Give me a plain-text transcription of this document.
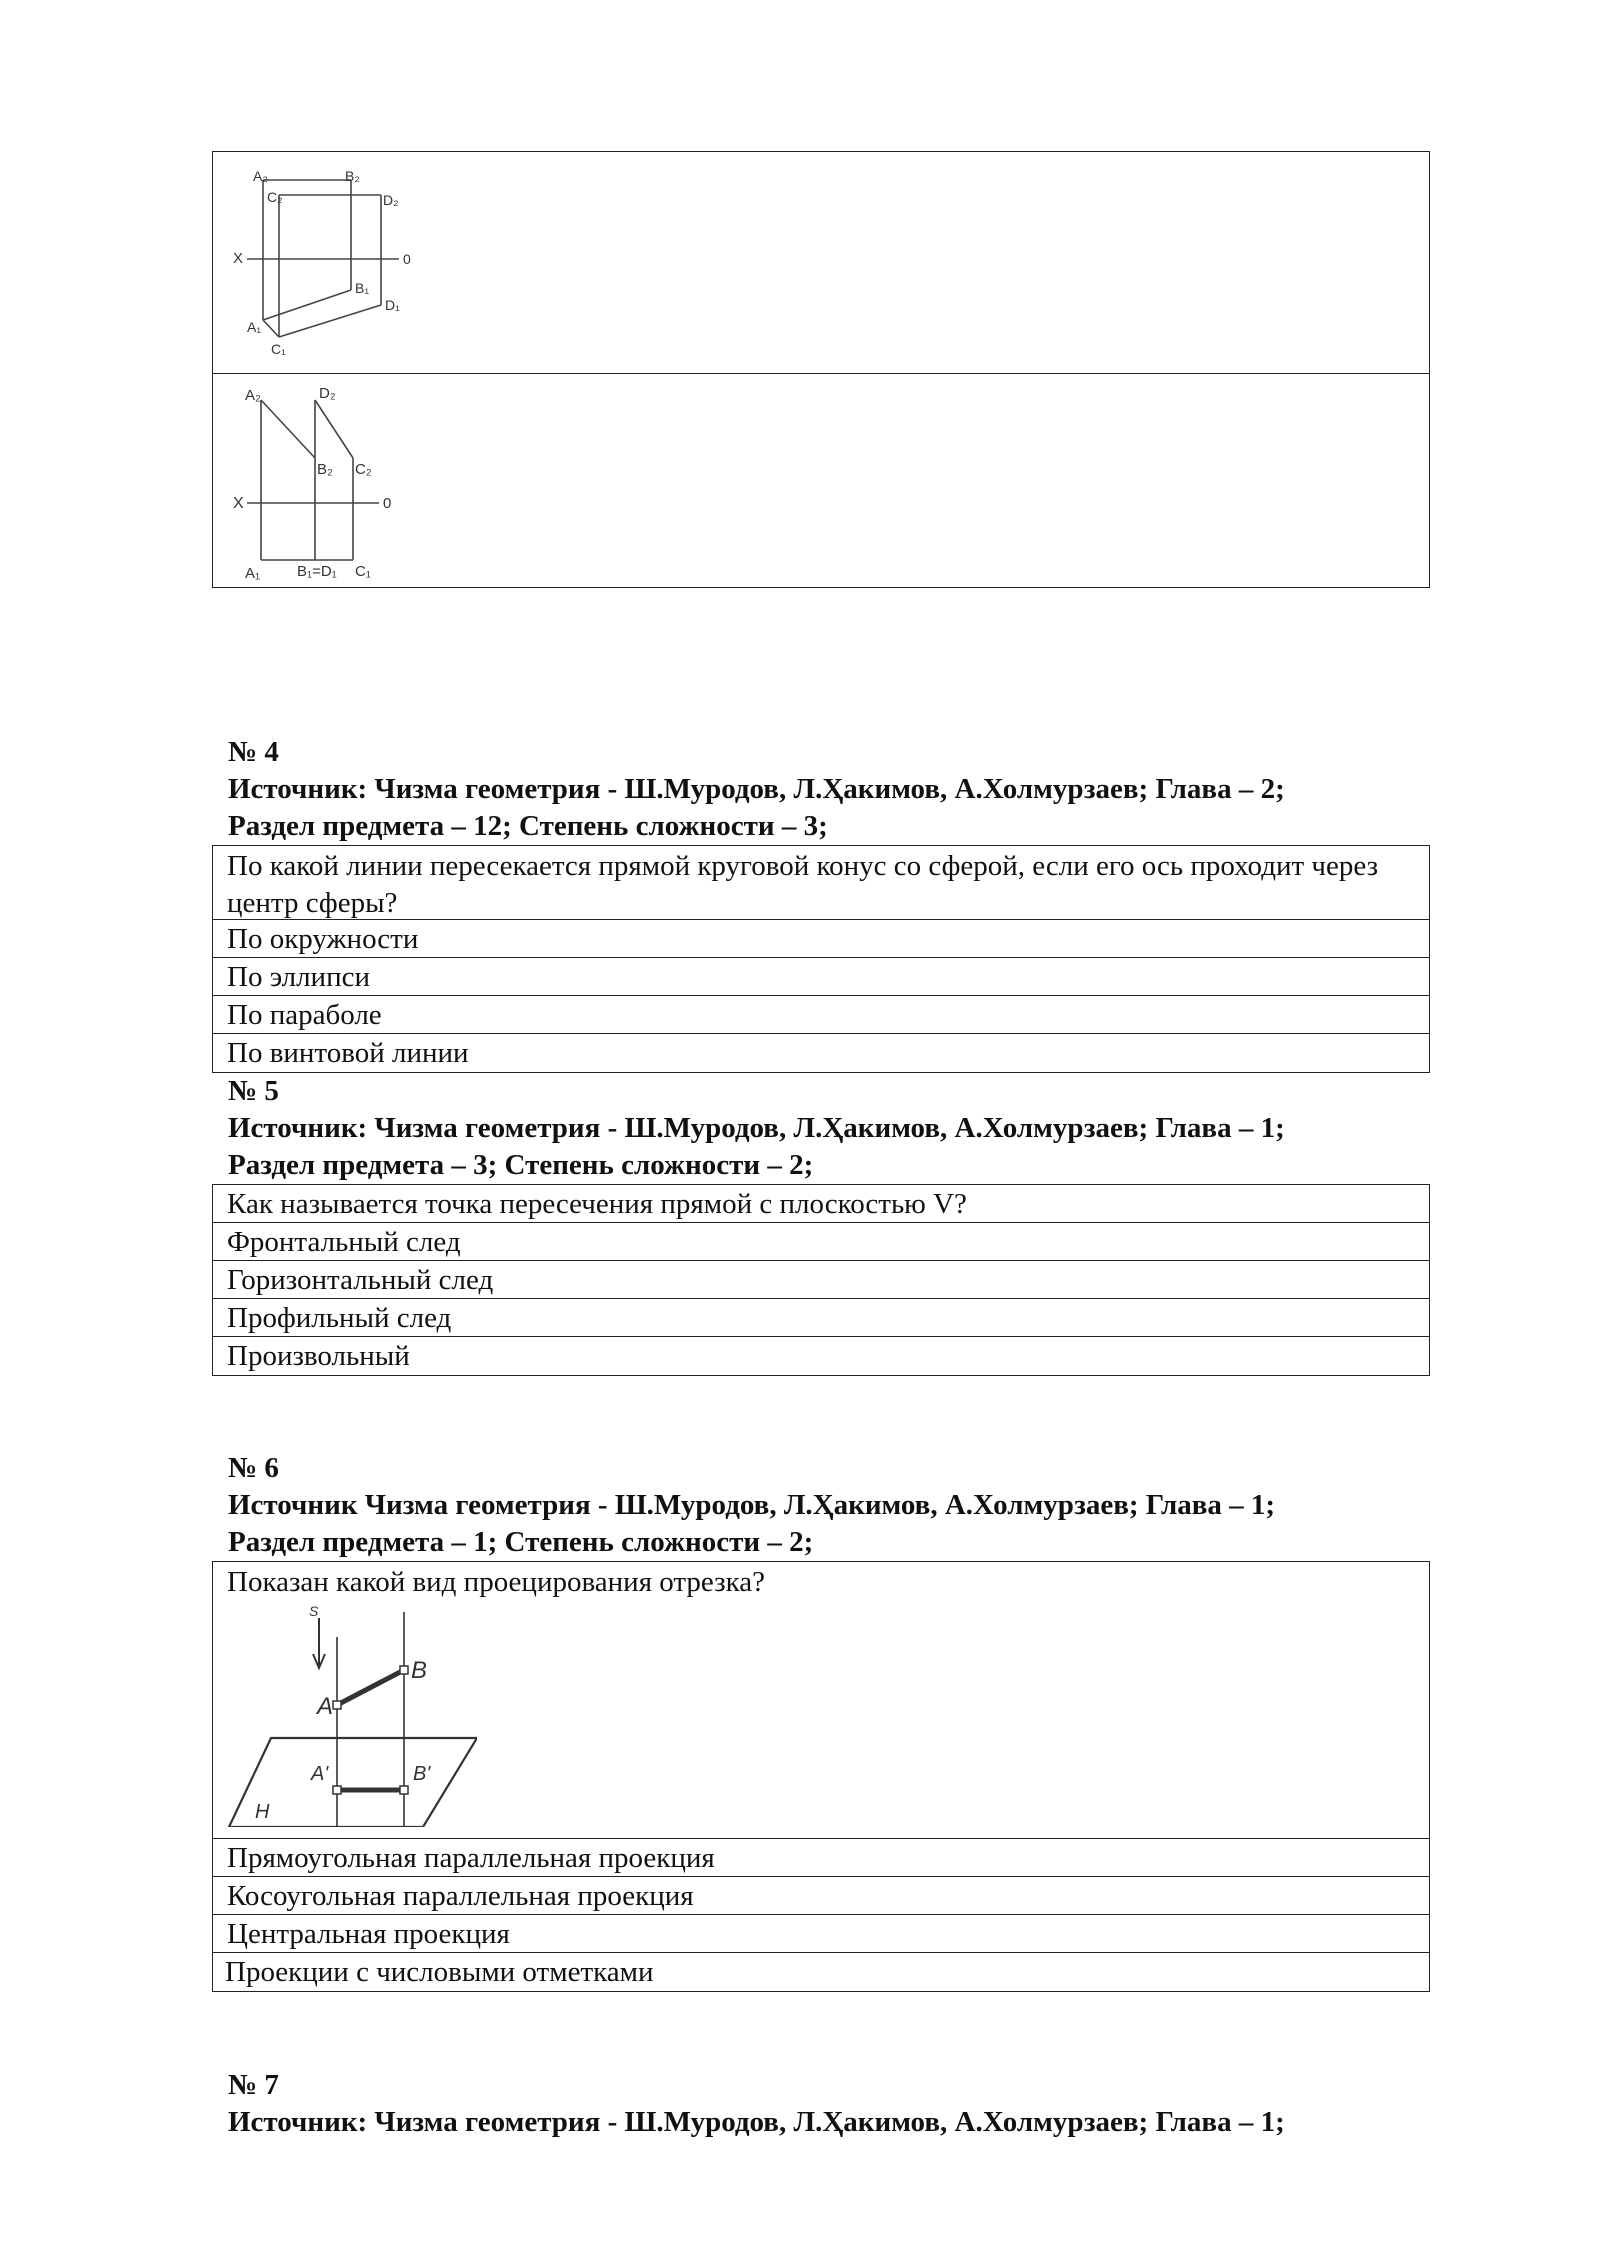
A₂	B₂
C₂	D₂
X	0
B₁
D₁
A₁
C₁
A₂	D₂
B₂ C₂
X	0
A₁ B₁=D₁ C₁
№ 4
Источник: Чизма геометрия - Ш.Муродов, Л.Ҳакимов, А.Холмурзаев; Глава – 2;
Раздел предмета – 12; Степень сложности – 3;
По какой линии пересекается прямой круговой конус со сферой, если его ось проходит через центр сферы?
По окружности
По эллипси
По параболе
По винтовой линии
№ 5
Источник: Чизма геометрия - Ш.Муродов, Л.Ҳакимов, А.Холмурзаев; Глава – 1;
Раздел предмета – 3; Степень сложности – 2;
Как называется точка пересечения прямой с плоскостью V?
Фронтальный след
Горизонтальный след
Профильный след
Произвольный
№ 6
Источник Чизма геометрия - Ш.Муродов, Л.Ҳакимов, А.Холмурзаев; Глава – 1;
Раздел предмета – 1; Степень сложности – 2;
Показан какой вид проецирования отрезка?
S
A
B
A'	B'
H
Прямоугольная параллельная проекция
Косоугольная параллельная проекция
Центральная проекция
Проекции с числовыми отметками
№ 7
Источник: Чизма геометрия - Ш.Муродов, Л.Ҳакимов, А.Холмурзаев; Глава – 1;
